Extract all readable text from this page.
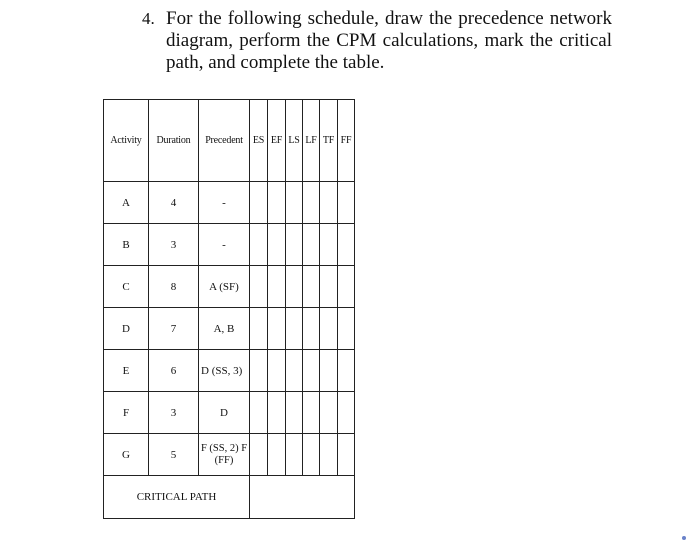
4. For the following schedule, draw the precedence network diagram, perform the CPM calculations, mark the critical path, and complete the table.
Activity	Duration	Precedent	ES	EF	LS	LF	TF	FF
A	4	-						
B	3	-						
C	8	A (SF)						
D	7	A, B						
E	6	D (SS, 3)						
F	3	D						
G	5	F (SS, 2) F (FF)						
CRITICAL PATH								
